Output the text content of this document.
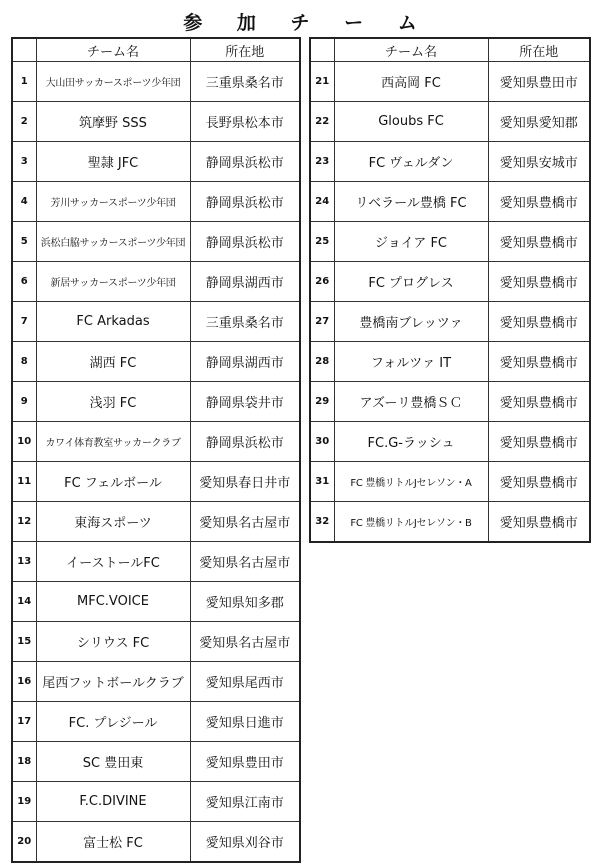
参 加 チ ー ム
	チーム名	所在地
1	大山田サッカースポーツ少年団	三重県桑名市
2	筑摩野 SSS	長野県松本市
3	聖隷 JFC	静岡県浜松市
4	芳川サッカースポーツ少年団	静岡県浜松市
5	浜松白脇サッカースポーツ少年団	静岡県浜松市
6	新居サッカースポーツ少年団	静岡県湖西市
7	FC Arkadas	三重県桑名市
8	湖西 FC	静岡県湖西市
9	浅羽 FC	静岡県袋井市
10	カワイ体育教室サッカークラブ	静岡県浜松市
11	FC フェルボール	愛知県春日井市
12	東海スポーツ	愛知県名古屋市
13	イーストールFC	愛知県名古屋市
14	MFC.VOICE	愛知県知多郡
15	シリウス FC	愛知県名古屋市
16	尾西フットボールクラブ	愛知県尾西市
17	FC. プレジール	愛知県日進市
18	SC 豊田東	愛知県豊田市
19	F.C.DIVINE	愛知県江南市
20	富士松 FC	愛知県刈谷市
	チーム名	所在地
21	西高岡 FC	愛知県豊田市
22	Gloubs FC	愛知県愛知郡
23	FC ヴェルダン	愛知県安城市
24	リベラール豊橋 FC	愛知県豊橋市
25	ジョイア FC	愛知県豊橋市
26	FC プログレス	愛知県豊橋市
27	豊橋南ブレッツァ	愛知県豊橋市
28	フォルツァ IT	愛知県豊橋市
29	アズーリ豊橋ＳＣ	愛知県豊橋市
30	FC.G-ラッシュ	愛知県豊橋市
31	FC 豊橋リトルJセレソン・A	愛知県豊橋市
32	FC 豊橋リトルJセレソン・B	愛知県豊橋市
